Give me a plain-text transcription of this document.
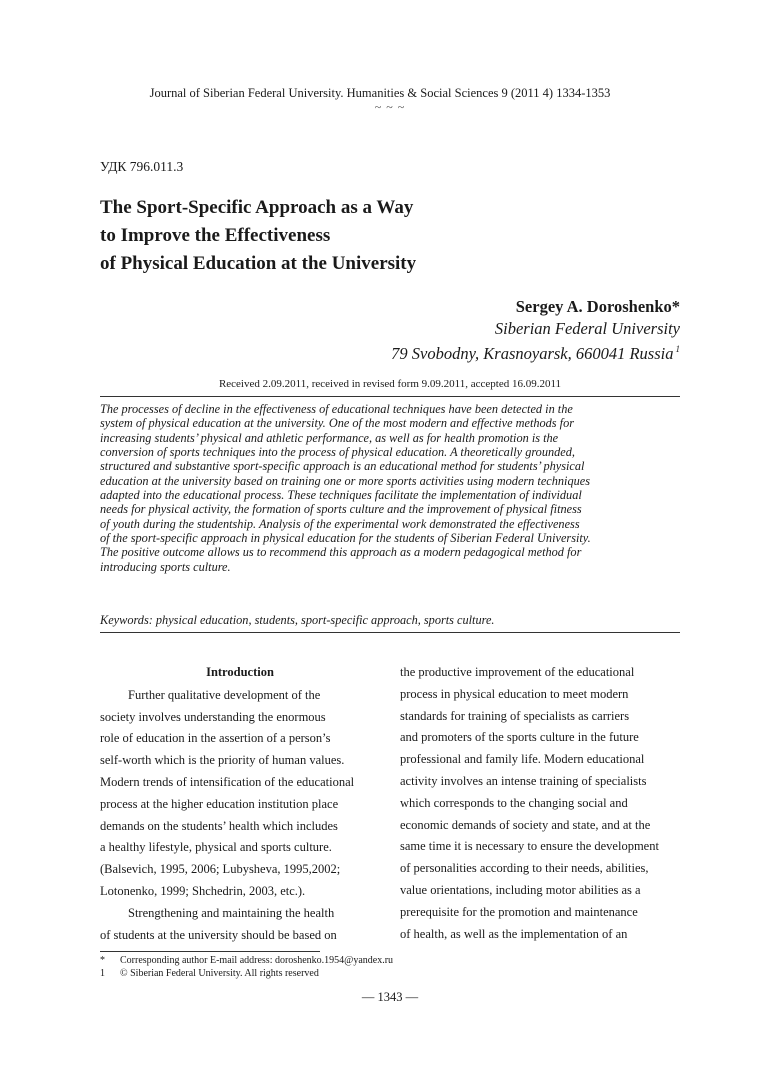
Journal of Siberian Federal University. Humanities & Social Sciences 9 (2011 4) 1334-1353
~ ~ ~
УДК 796.011.3
The Sport-Specific Approach as a Way
to Improve the Effectiveness
of Physical Education at the University
Sergey A. Doroshenko*
Siberian Federal University
79 Svobodny, Krasnoyarsk, 660041 Russia $^1$
Received 2.09.2011, received in revised form 9.09.2011, accepted 16.09.2011
The processes of decline in the effectiveness of educational techniques have been detected in the
system of physical education at the university. One of the most modern and effective methods for
increasing students’ physical and athletic performance, as well as for health promotion is the
conversion of sports techniques into the process of physical education. A theoretically grounded,
structured and substantive sport-specific approach is an educational method for students’ physical
education at the university based on training one or more sports activities using modern techniques
adapted into the educational process. These techniques facilitate the implementation of individual
needs for physical activity, the formation of sports culture and the improvement of physical fitness
of youth during the studentship. Analysis of the experimental work demonstrated the effectiveness
of the sport-specific approach in physical education for the students of Siberian Federal University.
The positive outcome allows us to recommend this approach as a modern pedagogical method for
introducing sports culture.
Keywords: physical education, students, sport-specific approach, sports culture.
Introduction
Further qualitative development of the
society involves understanding the enormous
role of education in the assertion of a person’s
self-worth which is the priority of human values.
Modern trends of intensification of the educational
process at the higher education institution place
demands on the students’ health which includes
a healthy lifestyle, physical and sports culture.
(Balsevich, 1995, 2006; Lubysheva, 1995,2002;
Lotonenko, 1999; Shchedrin, 2003, etc.).
Strengthening and maintaining the health
of students at the university should be based on
the productive improvement of the educational
process in physical education to meet modern
standards for training of specialists as carriers
and promoters of the sports culture in the future
professional and family life. Modern educational
activity involves an intense training of specialists
which corresponds to the changing social and
economic demands of society and state, and at the
same time it is necessary to ensure the development
of personalities according to their needs, abilities,
value orientations, including motor abilities as a
prerequisite for the promotion and maintenance
of health, as well as the implementation of an
* Corresponding author E-mail address: doroshenko.1954@yandex.ru
1 © Siberian Federal University. All rights reserved
— 1343 —
